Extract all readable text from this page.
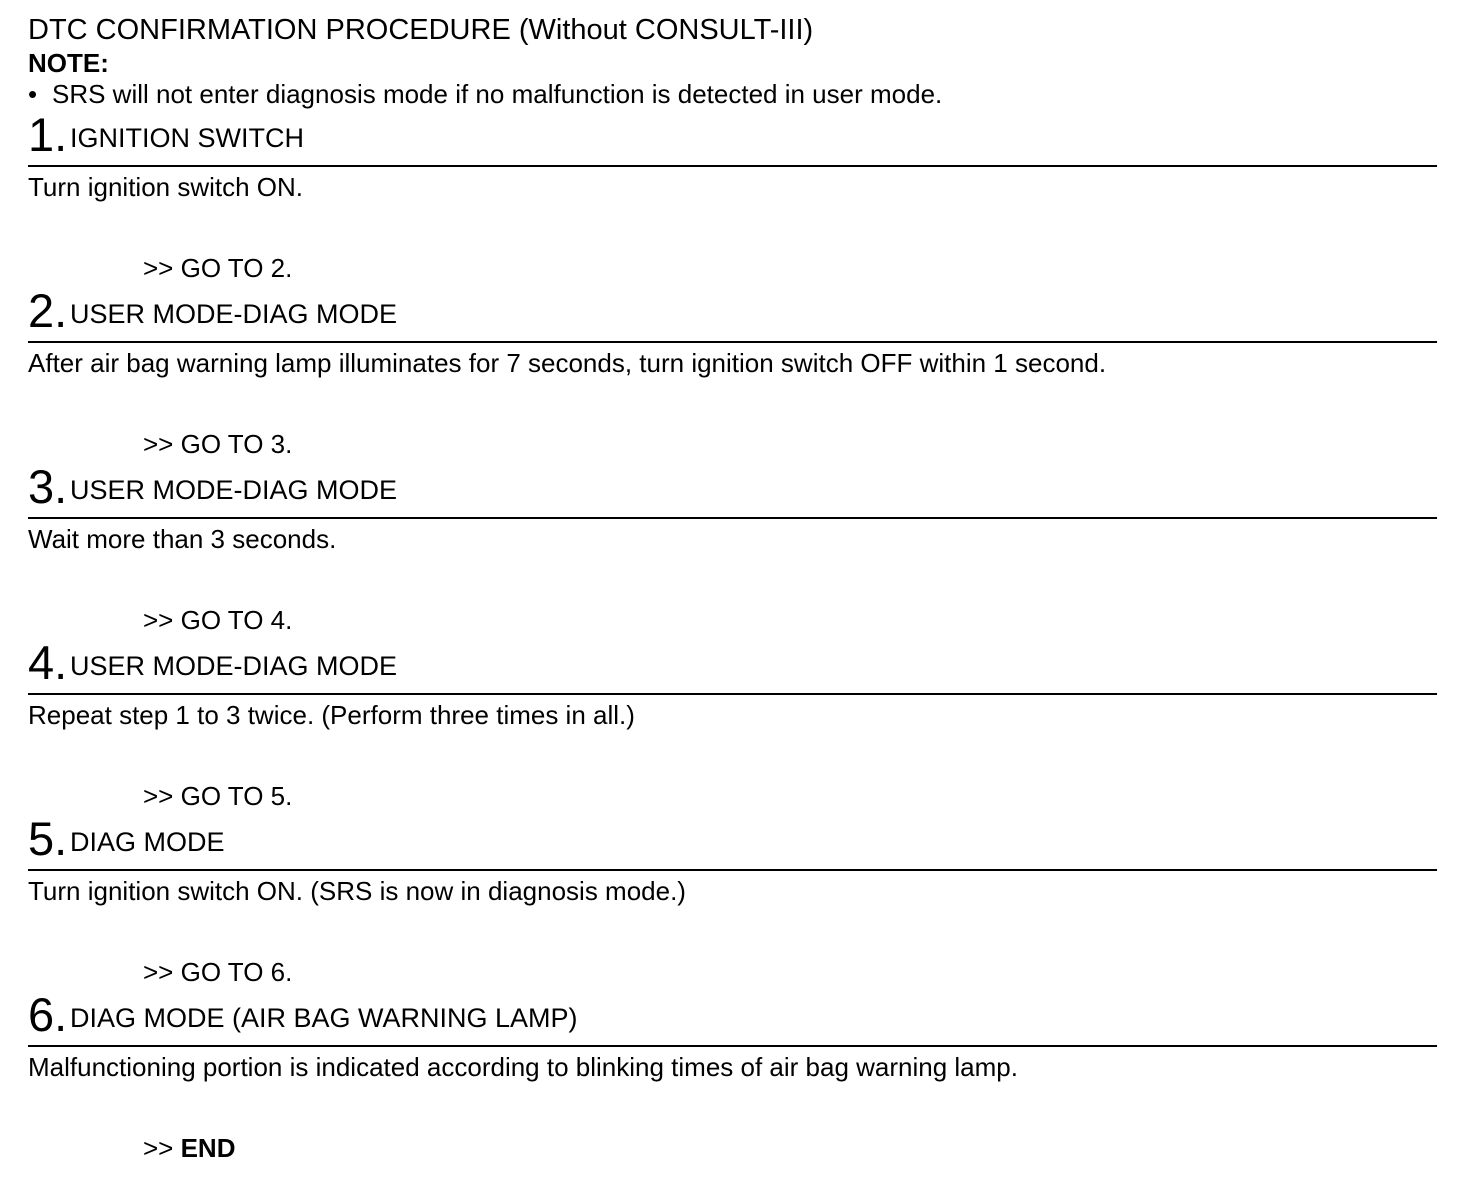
DTC CONFIRMATION PROCEDURE (Without CONSULT-III)

NOTE:

• SRS will not enter diagnosis mode if no malfunction is detected in user mode.

1. IGNITION SWITCH
Turn ignition switch ON.
>> GO TO 2.
2. USER MODE-DIAG MODE
After air bag warning lamp illuminates for 7 seconds, turn ignition switch OFF within 1 second.
>> GO TO 3.
3. USER MODE-DIAG MODE
Wait more than 3 seconds.
>> GO TO 4.
4. USER MODE-DIAG MODE
Repeat step 1 to 3 twice. (Perform three times in all.)
>> GO TO 5.
5. DIAG MODE
Turn ignition switch ON. (SRS is now in diagnosis mode.)
>> GO TO 6.
6. DIAG MODE (AIR BAG WARNING LAMP)
Malfunctioning portion is indicated according to blinking times of air bag warning lamp.
>> END
